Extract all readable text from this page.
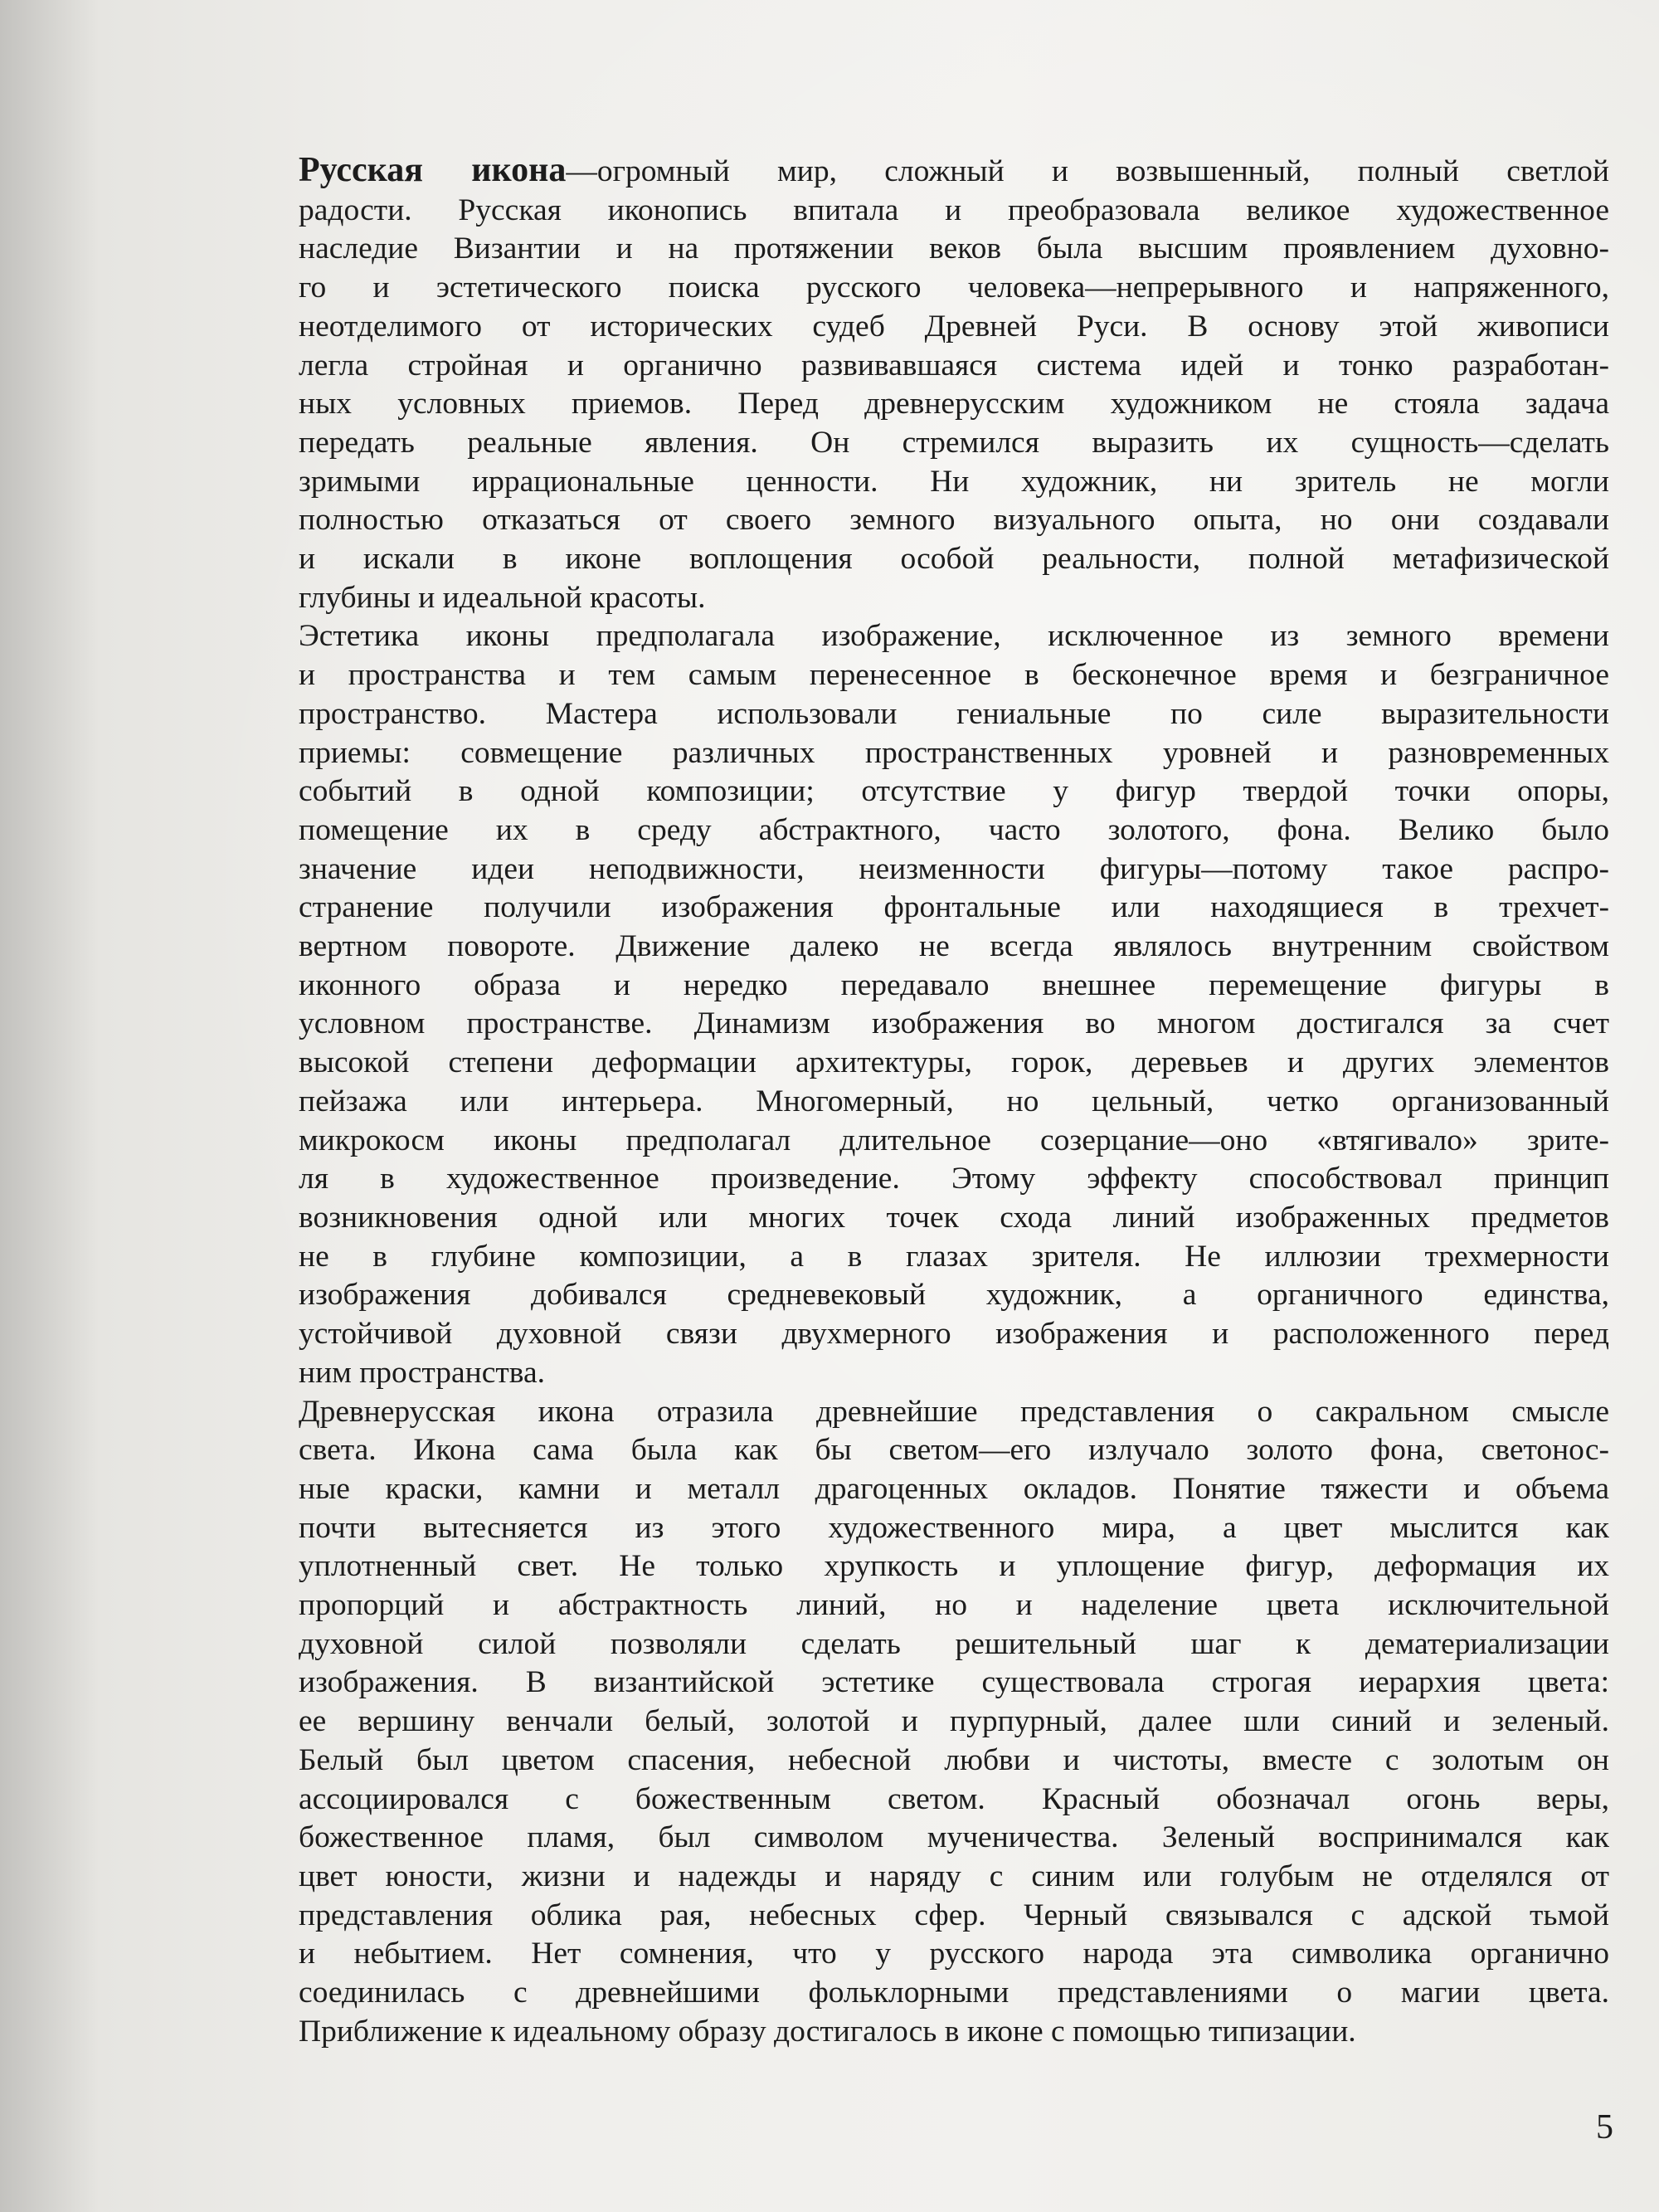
Русская икона—огромный мир, сложный и возвышенный, полный светлой
радости. Русская иконопись впитала и преобразовала великое художественное
наследие Византии и на протяжении веков была высшим проявлением духовно-
го и эстетического поиска русского человека—непрерывного и напряженного,
неотделимого от исторических судеб Древней Руси. В основу этой живописи
легла стройная и органично развивавшаяся система идей и тонко разработан-
ных условных приемов. Перед древнерусским художником не стояла задача
передать реальные явления. Он стремился выразить их сущность—сделать
зримыми иррациональные ценности. Ни художник, ни зритель не могли
полностью отказаться от своего земного визуального опыта, но они создавали
и искали в иконе воплощения особой реальности, полной метафизической
глубины и идеальной красоты.
Эстетика иконы предполагала изображение, исключенное из земного времени
и пространства и тем самым перенесенное в бесконечное время и безграничное
пространство. Мастера использовали гениальные по силе выразительности
приемы: совмещение различных пространственных уровней и разновременных
событий в одной композиции; отсутствие у фигур твердой точки опоры,
помещение их в среду абстрактного, часто золотого, фона. Велико было
значение идеи неподвижности, неизменности фигуры—потому такое распро-
странение получили изображения фронтальные или находящиеся в трехчет-
вертном повороте. Движение далеко не всегда являлось внутренним свойством
иконного образа и нередко передавало внешнее перемещение фигуры в
условном пространстве. Динамизм изображения во многом достигался за счет
высокой степени деформации архитектуры, горок, деревьев и других элементов
пейзажа или интерьера. Многомерный, но цельный, четко организованный
микрокосм иконы предполагал длительное созерцание—оно «втягивало» зрите-
ля в художественное произведение. Этому эффекту способствовал принцип
возникновения одной или многих точек схода линий изображенных предметов
не в глубине композиции, а в глазах зрителя. Не иллюзии трехмерности
изображения добивался средневековый художник, а органичного единства,
устойчивой духовной связи двухмерного изображения и расположенного перед
ним пространства.
Древнерусская икона отразила древнейшие представления о сакральном смысле
света. Икона сама была как бы светом—его излучало золото фона, светонос-
ные краски, камни и металл драгоценных окладов. Понятие тяжести и объема
почти вытесняется из этого художественного мира, а цвет мыслится как
уплотненный свет. Не только хрупкость и уплощение фигур, деформация их
пропорций и абстрактность линий, но и наделение цвета исключительной
духовной силой позволяли сделать решительный шаг к дематериализации
изображения. В византийской эстетике существовала строгая иерархия цвета:
ее вершину венчали белый, золотой и пурпурный, далее шли синий и зеленый.
Белый был цветом спасения, небесной любви и чистоты, вместе с золотым он
ассоциировался с божественным светом. Красный обозначал огонь веры,
божественное пламя, был символом мученичества. Зеленый воспринимался как
цвет юности, жизни и надежды и наряду с синим или голубым не отделялся от
представления облика рая, небесных сфер. Черный связывался с адской тьмой
и небытием. Нет сомнения, что у русского народа эта символика органично
соединилась с древнейшими фольклорными представлениями о магии цвета.
Приближение к идеальному образу достигалось в иконе с помощью типизации.
5
